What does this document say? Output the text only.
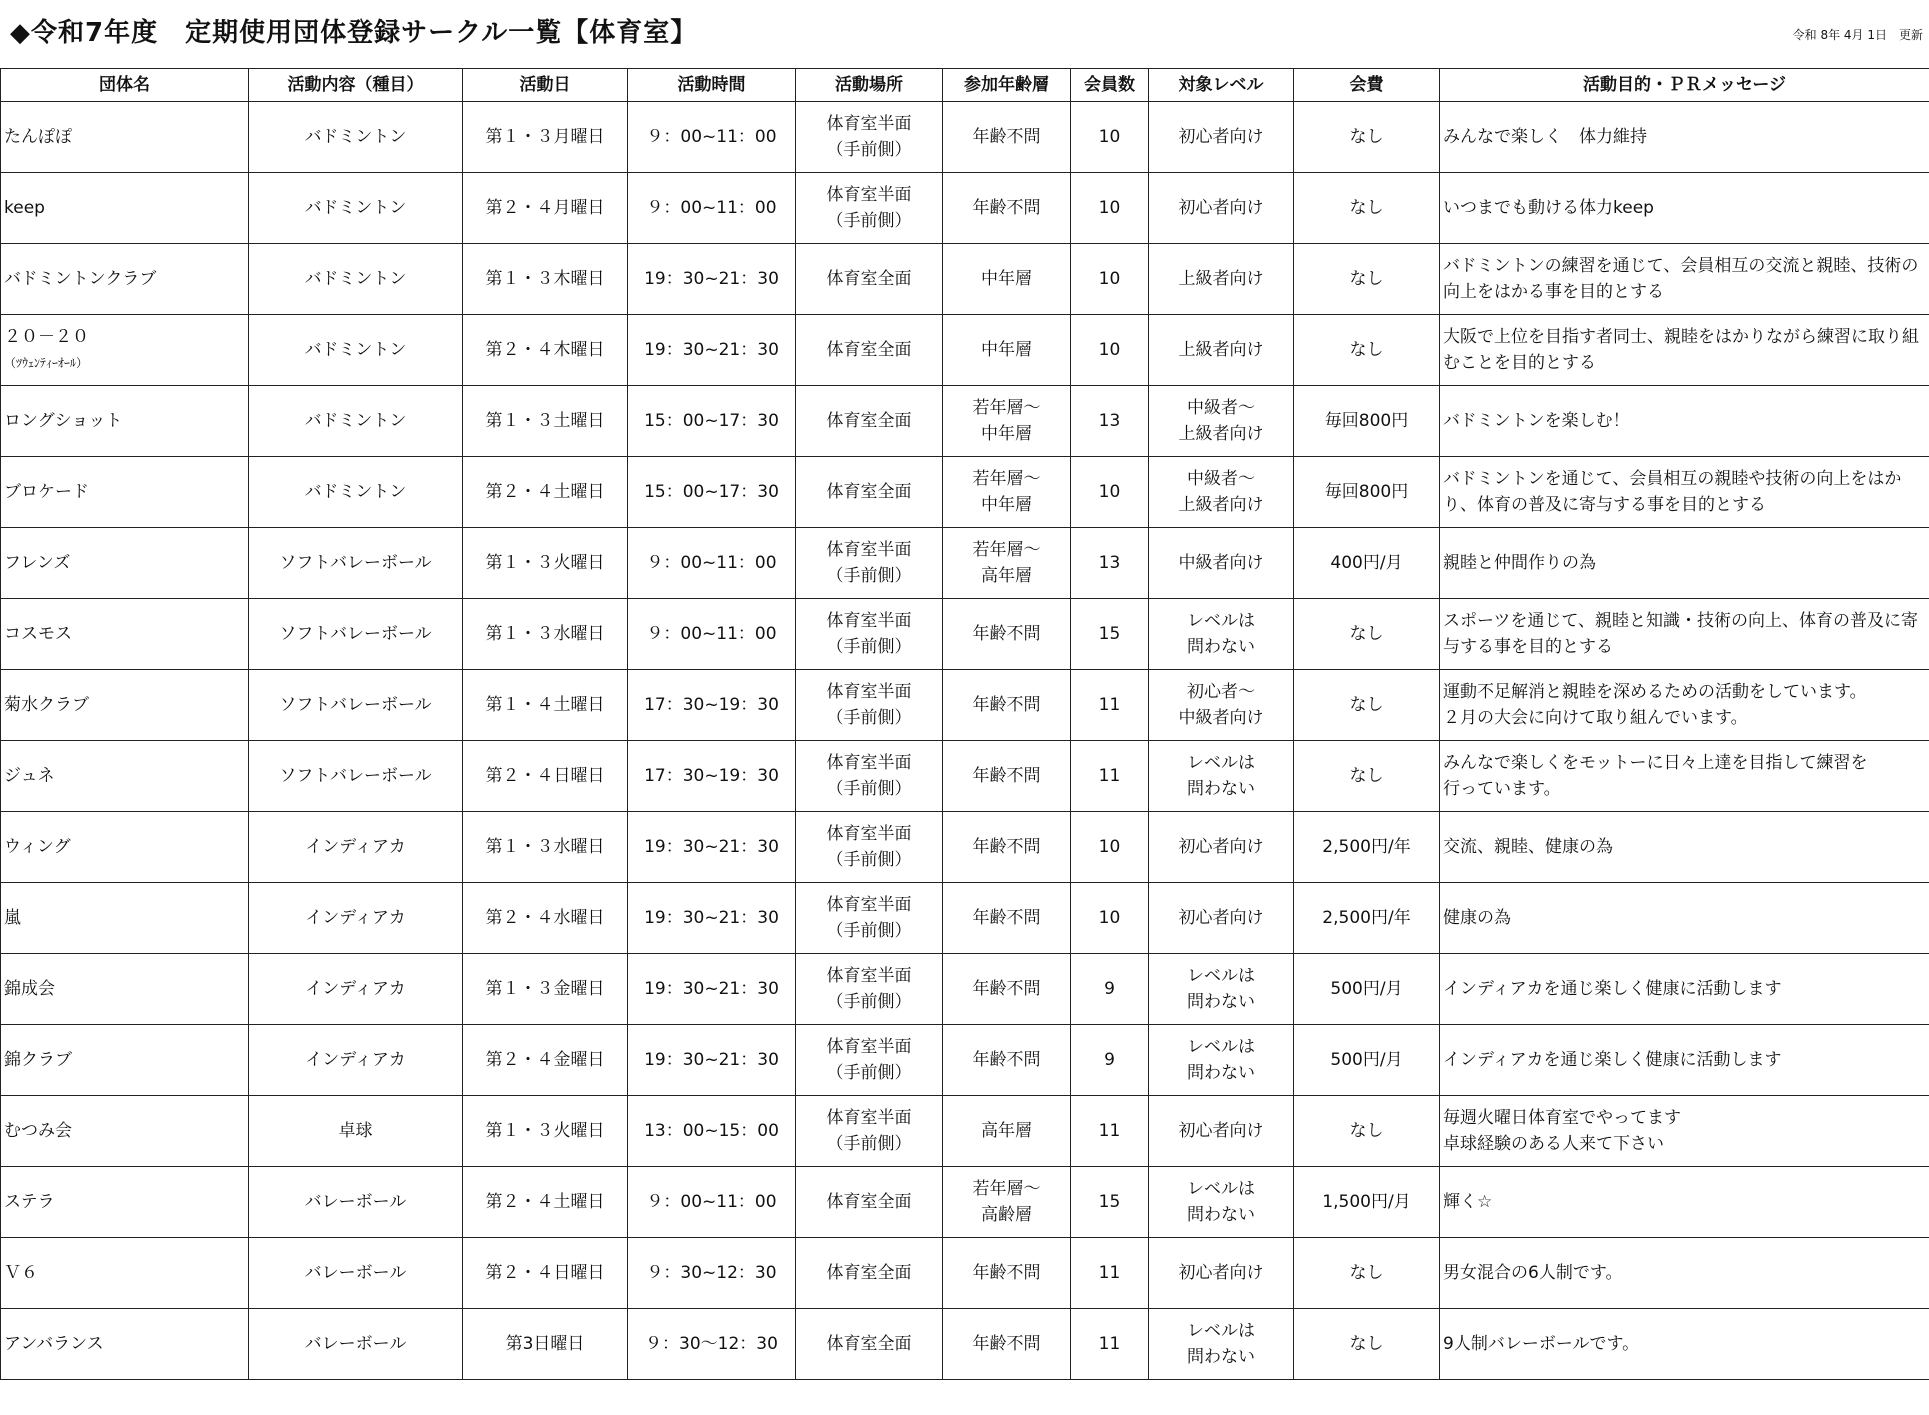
◆令和7年度　定期使用団体登録サークル一覧【体育室】	令和 8年 4月 1日　更新
団体名	活動内容（種目）	活動日	活動時間	活動場所	参加年齢層	会員数	対象レベル	会費	活動目的・ＰＲメッセージ

たんぽぽ	バドミントン	第１・３月曜日	９：00~11：00	体育室半面
（手前側）	年齢不問	10	初心者向け	なし	みんなで楽しく　体力維持

keep	バドミントン	第２・４月曜日	９：00~11：00	体育室半面
（手前側）	年齢不問	10	初心者向け	なし	いつまでも動ける体力keep

バドミントンクラブ	バドミントン	第１・３木曜日	19：30~21：30	体育室全面	中年層	10	上級者向け	なし	バドミントンの練習を通じて、会員相互の交流と親睦、技術の向上をはかる事を目的とする

２０－２０
（ﾂｳｪﾝﾃｨｰｵｰﾙ）	バドミントン	第２・４木曜日	19：30~21：30	体育室全面	中年層	10	上級者向け	なし	大阪で上位を目指す者同士、親睦をはかりながら練習に取り組むことを目的とする

ロングショット	バドミントン	第１・３土曜日	15：00~17：30	体育室全面	若年層～
中年層	13	中級者～
上級者向け	毎回800円	バドミントンを楽しむ！

ブロケード	バドミントン	第２・４土曜日	15：00~17：30	体育室全面	若年層～
中年層	10	中級者～
上級者向け	毎回800円	バドミントンを通じて、会員相互の親睦や技術の向上をはかり、体育の普及に寄与する事を目的とする

フレンズ	ソフトバレーボール	第１・３火曜日	９：00~11：00	体育室半面
（手前側）	若年層～
高年層	13	中級者向け	400円/月	親睦と仲間作りの為

コスモス	ソフトバレーボール	第１・３水曜日	９：00~11：00	体育室半面
（手前側）	年齢不問	15	レベルは
問わない	なし	スポーツを通じて、親睦と知識・技術の向上、体育の普及に寄与する事を目的とする

菊水クラブ	ソフトバレーボール	第１・４土曜日	17：30~19：30	体育室半面
（手前側）	年齢不問	11	初心者～
中級者向け	なし	運動不足解消と親睦を深めるための活動をしています。
２月の大会に向けて取り組んでいます。

ジュネ	ソフトバレーボール	第２・４日曜日	17：30~19：30	体育室半面
（手前側）	年齢不問	11	レベルは
問わない	なし	みんなで楽しくをモットーに日々上達を目指して練習を
行っています。

ウィング	インディアカ	第１・３水曜日	19：30~21：30	体育室半面
（手前側）	年齢不問	10	初心者向け	2,500円/年	交流、親睦、健康の為

嵐	インディアカ	第２・４水曜日	19：30~21：30	体育室半面
（手前側）	年齢不問	10	初心者向け	2,500円/年	健康の為

錦成会	インディアカ	第１・３金曜日	19：30~21：30	体育室半面
（手前側）	年齢不問	9	レベルは
問わない	500円/月	インディアカを通じ楽しく健康に活動します

錦クラブ	インディアカ	第２・４金曜日	19：30~21：30	体育室半面
（手前側）	年齢不問	9	レベルは
問わない	500円/月	インディアカを通じ楽しく健康に活動します

むつみ会	卓球	第１・３火曜日	13：00~15：00	体育室半面
（手前側）	高年層	11	初心者向け	なし	毎週火曜日体育室でやってます
卓球経験のある人来て下さい

ステラ	バレーボール	第２・４土曜日	９：00~11：00	体育室全面	若年層～
高齢層	15	レベルは
問わない	1,500円/月	輝く☆

Ｖ６	バレーボール	第２・４日曜日	９：30~12：30	体育室全面	年齢不問	11	初心者向け	なし	男女混合の6人制です。

アンバランス	バレーボール	第3日曜日	９：30～12：30	体育室全面	年齢不問	11	レベルは
問わない	なし	9人制バレーボールです。
